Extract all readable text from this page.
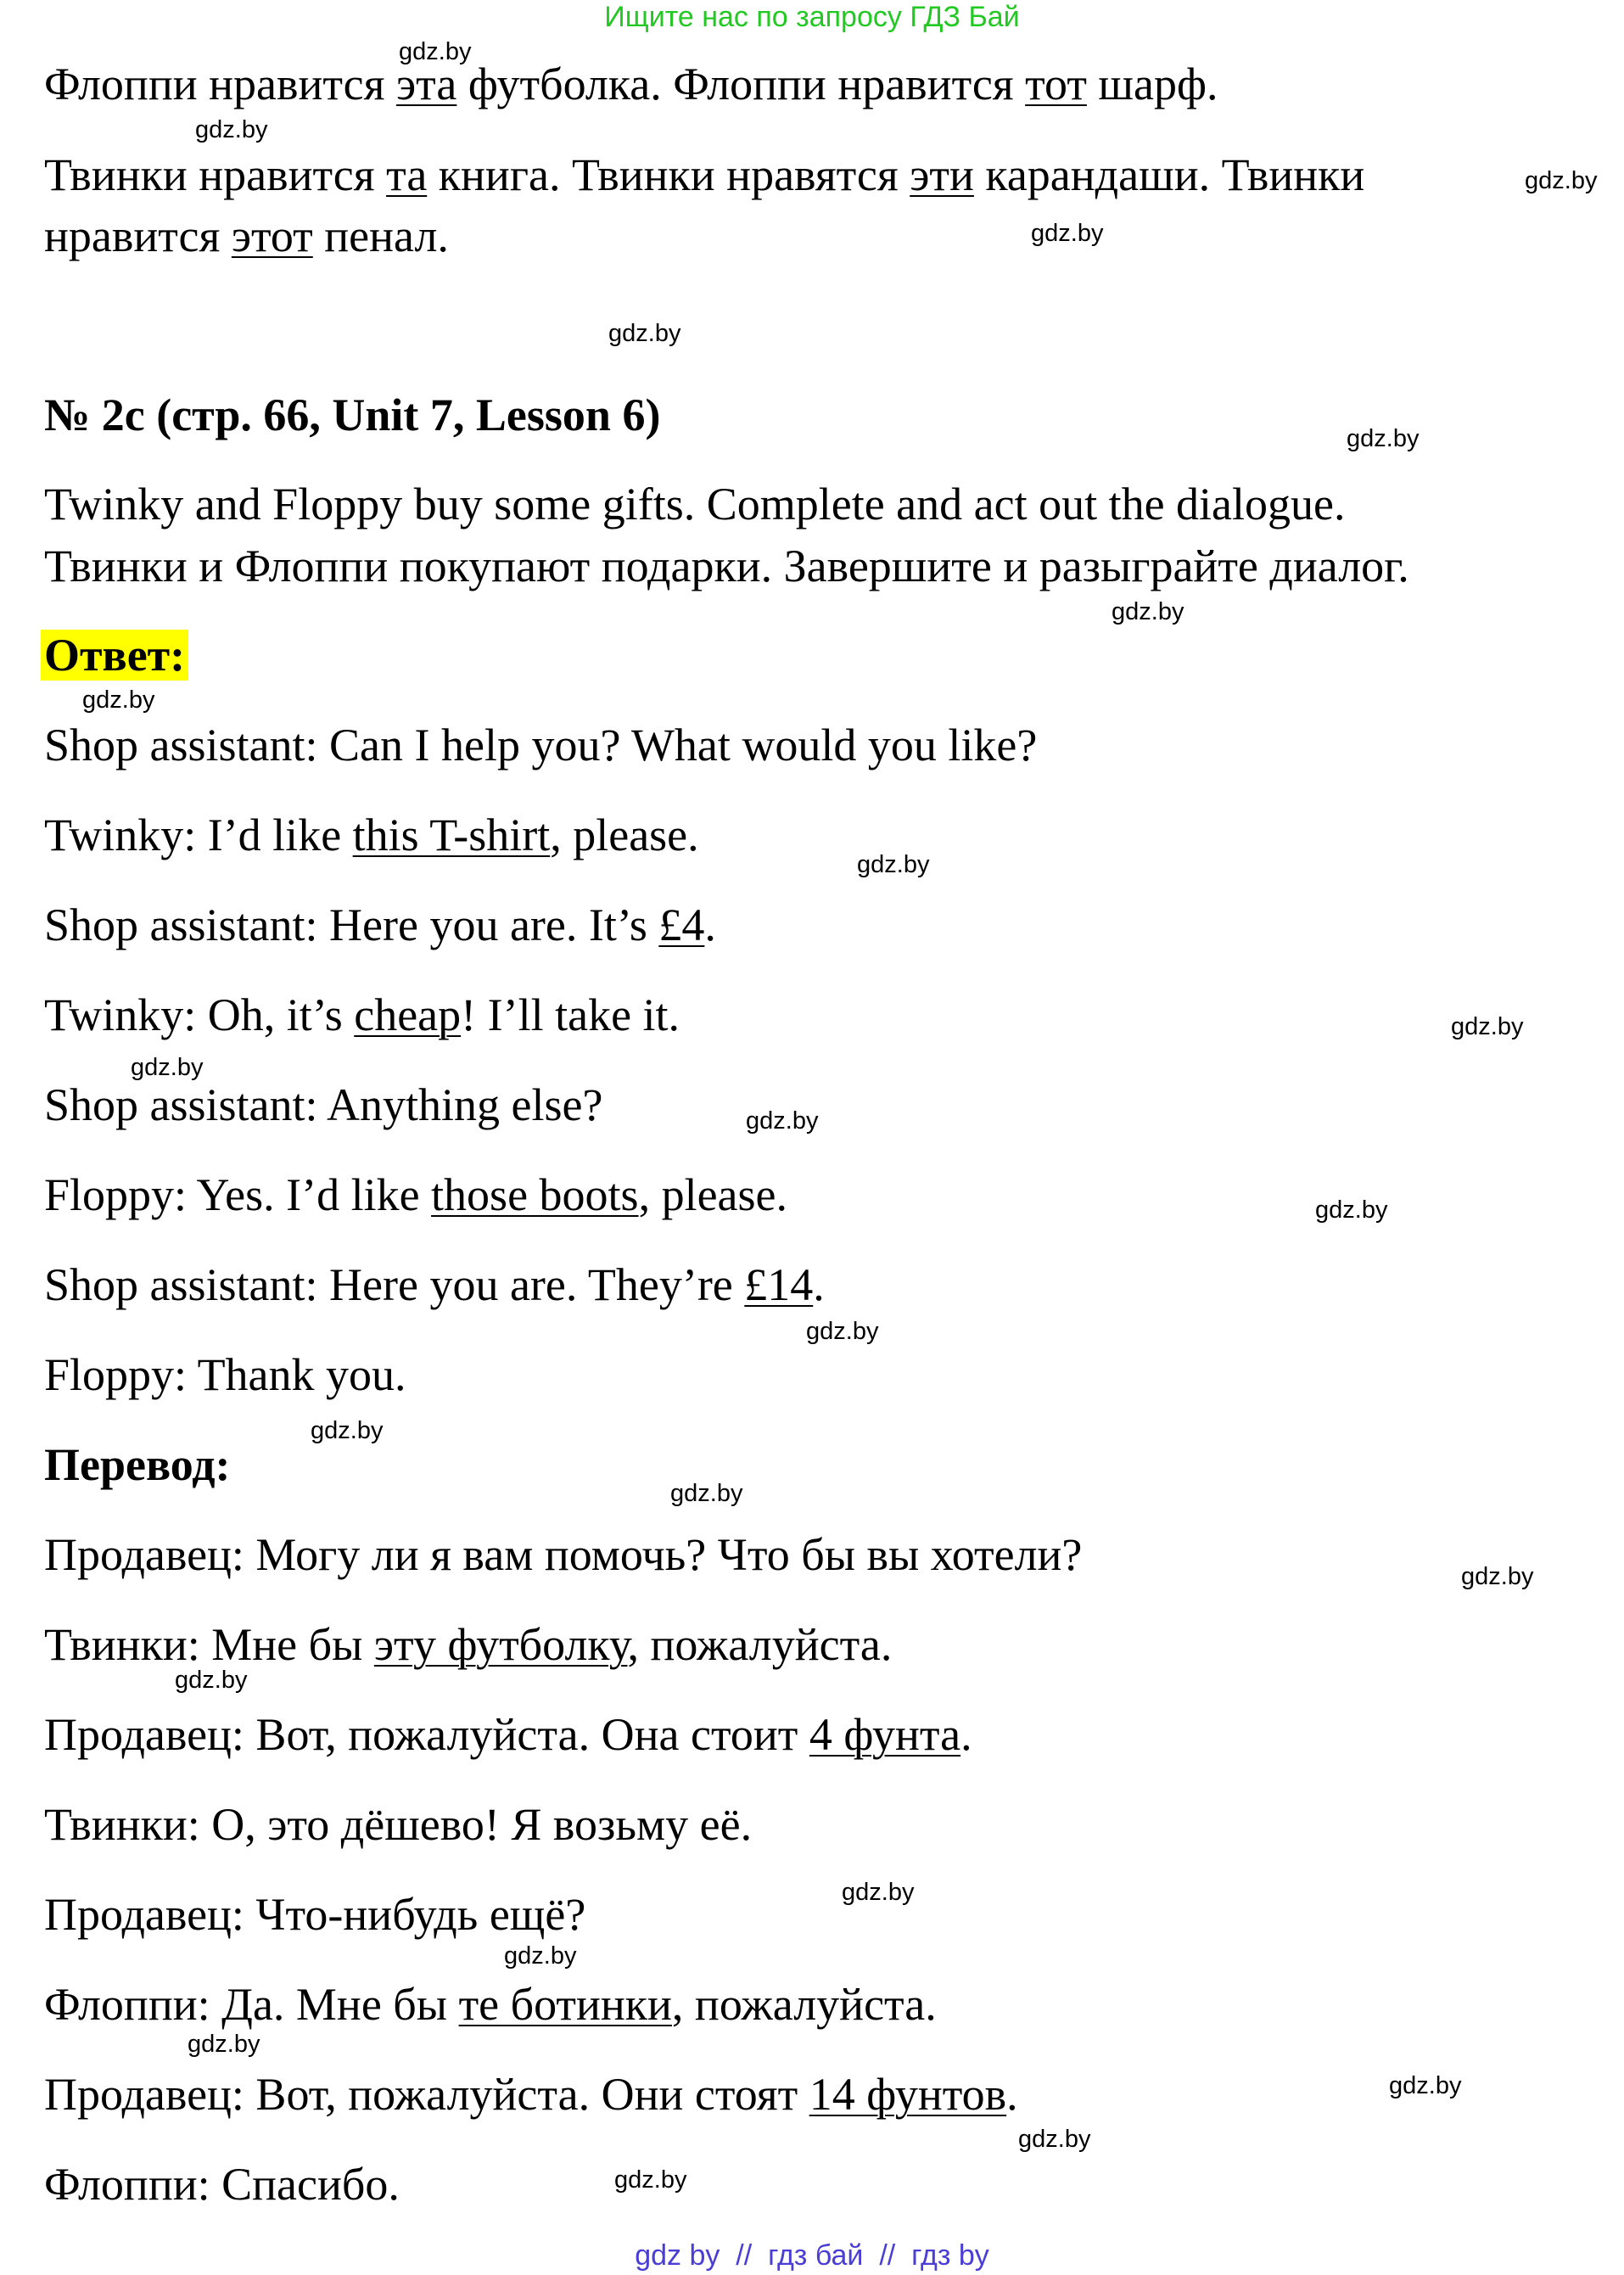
Ищите нас по запросу ГДЗ Бай
Флоппи нравится эта футболка. Флоппи нравится тот шарф.
Твинки нравится та книга. Твинки нравятся эти карандаши. Твинки
нравится этот пенал.
№ 2c (стр. 66, Unit 7, Lesson 6)
Twinky and Floppy buy some gifts. Complete and act out the dialogue.
Твинки и Флоппи покупают подарки. Завершите и разыграйте диалог.
Ответ:
Shop assistant: Can I help you? What would you like?
Twinky: I’d like this T-shirt, please.
Shop assistant: Here you are. It’s £4.
Twinky: Oh, it’s cheap! I’ll take it.
Shop assistant: Anything else?
Floppy: Yes. I’d like those boots, please.
Shop assistant: Here you are. They’re £14.
Floppy: Thank you.
Перевод:
Продавец: Могу ли я вам помочь? Что бы вы хотели?
Твинки: Мне бы эту футболку, пожалуйста.
Продавец: Вот, пожалуйста. Она стоит 4 фунта.
Твинки: О, это дёшево! Я возьму её.
Продавец: Что-нибудь ещё?
Флоппи: Да. Мне бы те ботинки, пожалуйста.
Продавец: Вот, пожалуйста. Они стоят 14 фунтов.
Флоппи: Спасибо.
gdz.by
gdz.by
gdz.by
gdz.by
gdz.by
gdz.by
gdz.by
gdz.by
gdz.by
gdz.by
gdz.by
gdz.by
gdz.by
gdz.by
gdz.by
gdz.by
gdz.by
gdz.by
gdz.by
gdz.by
gdz.by
gdz.by
gdz.by
gdz.by
gdz by  //  гдз бай  //  гдз by
